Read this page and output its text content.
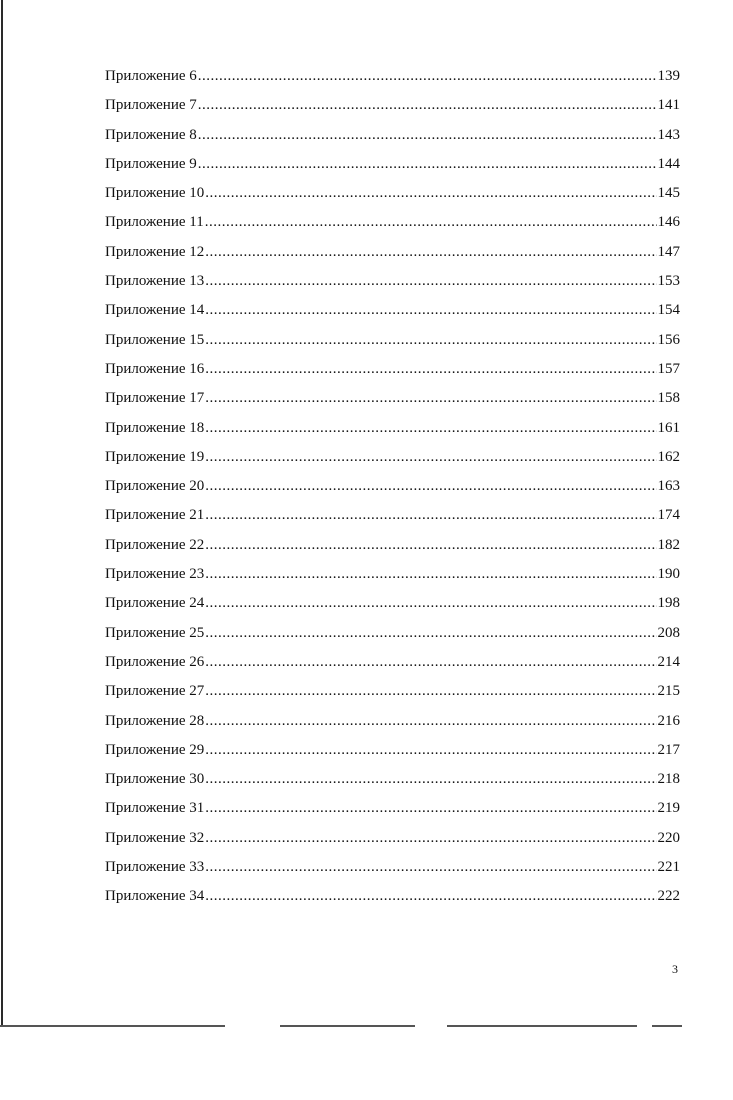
Приложение 6 .....	139
Приложение 7 .....	141
Приложение 8 .....	143
Приложение 9 .....	144
Приложение 10 .....	145
Приложение 11 .....	146
Приложение 12 .....	147
Приложение 13 .....	153
Приложение 14 .....	154
Приложение 15 .....	156
Приложение 16 .....	157
Приложение 17 .....	158
Приложение 18 .....	161
Приложение 19 .....	162
Приложение 20 .....	163
Приложение 21 .....	174
Приложение 22 .....	182
Приложение 23 .....	190
Приложение 24 .....	198
Приложение 25 .....	208
Приложение 26 .....	214
Приложение 27 .....	215
Приложение 28 .....	216
Приложение 29 .....	217
Приложение 30 .....	218
Приложение 31 .....	219
Приложение 32 .....	220
Приложение 33 .....	221
Приложение 34 .....	222
3
